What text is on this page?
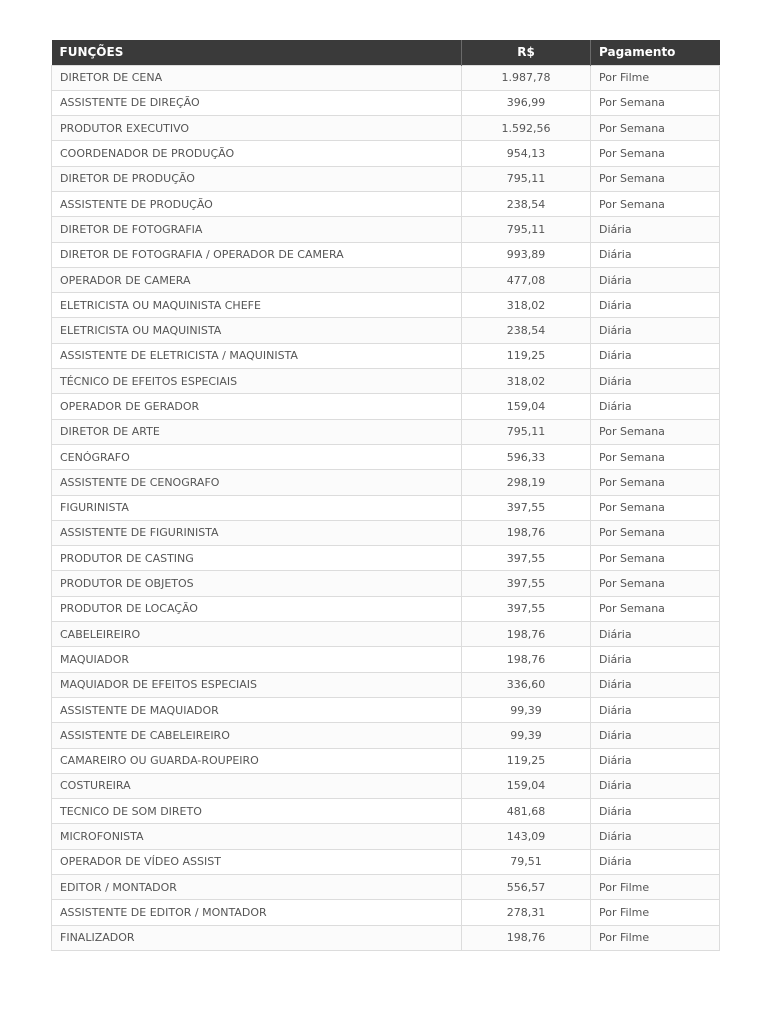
FUNÇÕES	R$	Pagamento
DIRETOR DE CENA	1.987,78	Por Filme
ASSISTENTE DE DIREÇÃO	396,99	Por Semana
PRODUTOR EXECUTIVO	1.592,56	Por Semana
COORDENADOR DE PRODUÇÃO	954,13	Por Semana
DIRETOR DE PRODUÇÃO	795,11	Por Semana
ASSISTENTE DE PRODUÇÃO	238,54	Por Semana
DIRETOR DE FOTOGRAFIA	795,11	Diária
DIRETOR DE FOTOGRAFIA / OPERADOR DE CAMERA	993,89	Diária
OPERADOR DE CAMERA	477,08	Diária
ELETRICISTA OU MAQUINISTA CHEFE	318,02	Diária
ELETRICISTA OU MAQUINISTA	238,54	Diária
ASSISTENTE DE ELETRICISTA / MAQUINISTA	119,25	Diária
TÉCNICO DE EFEITOS ESPECIAIS	318,02	Diária
OPERADOR DE GERADOR	159,04	Diária
DIRETOR DE ARTE	795,11	Por Semana
CENÓGRAFO	596,33	Por Semana
ASSISTENTE DE CENOGRAFO	298,19	Por Semana
FIGURINISTA	397,55	Por Semana
ASSISTENTE DE FIGURINISTA	198,76	Por Semana
PRODUTOR DE CASTING	397,55	Por Semana
PRODUTOR DE OBJETOS	397,55	Por Semana
PRODUTOR DE LOCAÇÃO	397,55	Por Semana
CABELEIREIRO	198,76	Diária
MAQUIADOR	198,76	Diária
MAQUIADOR DE EFEITOS ESPECIAIS	336,60	Diária
ASSISTENTE DE MAQUIADOR	99,39	Diária
ASSISTENTE DE CABELEIREIRO	99,39	Diária
CAMAREIRO OU GUARDA-ROUPEIRO	119,25	Diária
COSTUREIRA	159,04	Diária
TECNICO DE SOM DIRETO	481,68	Diária
MICROFONISTA	143,09	Diária
OPERADOR DE VÍDEO ASSIST	79,51	Diária
EDITOR / MONTADOR	556,57	Por Filme
ASSISTENTE DE EDITOR / MONTADOR	278,31	Por Filme
FINALIZADOR	198,76	Por Filme
